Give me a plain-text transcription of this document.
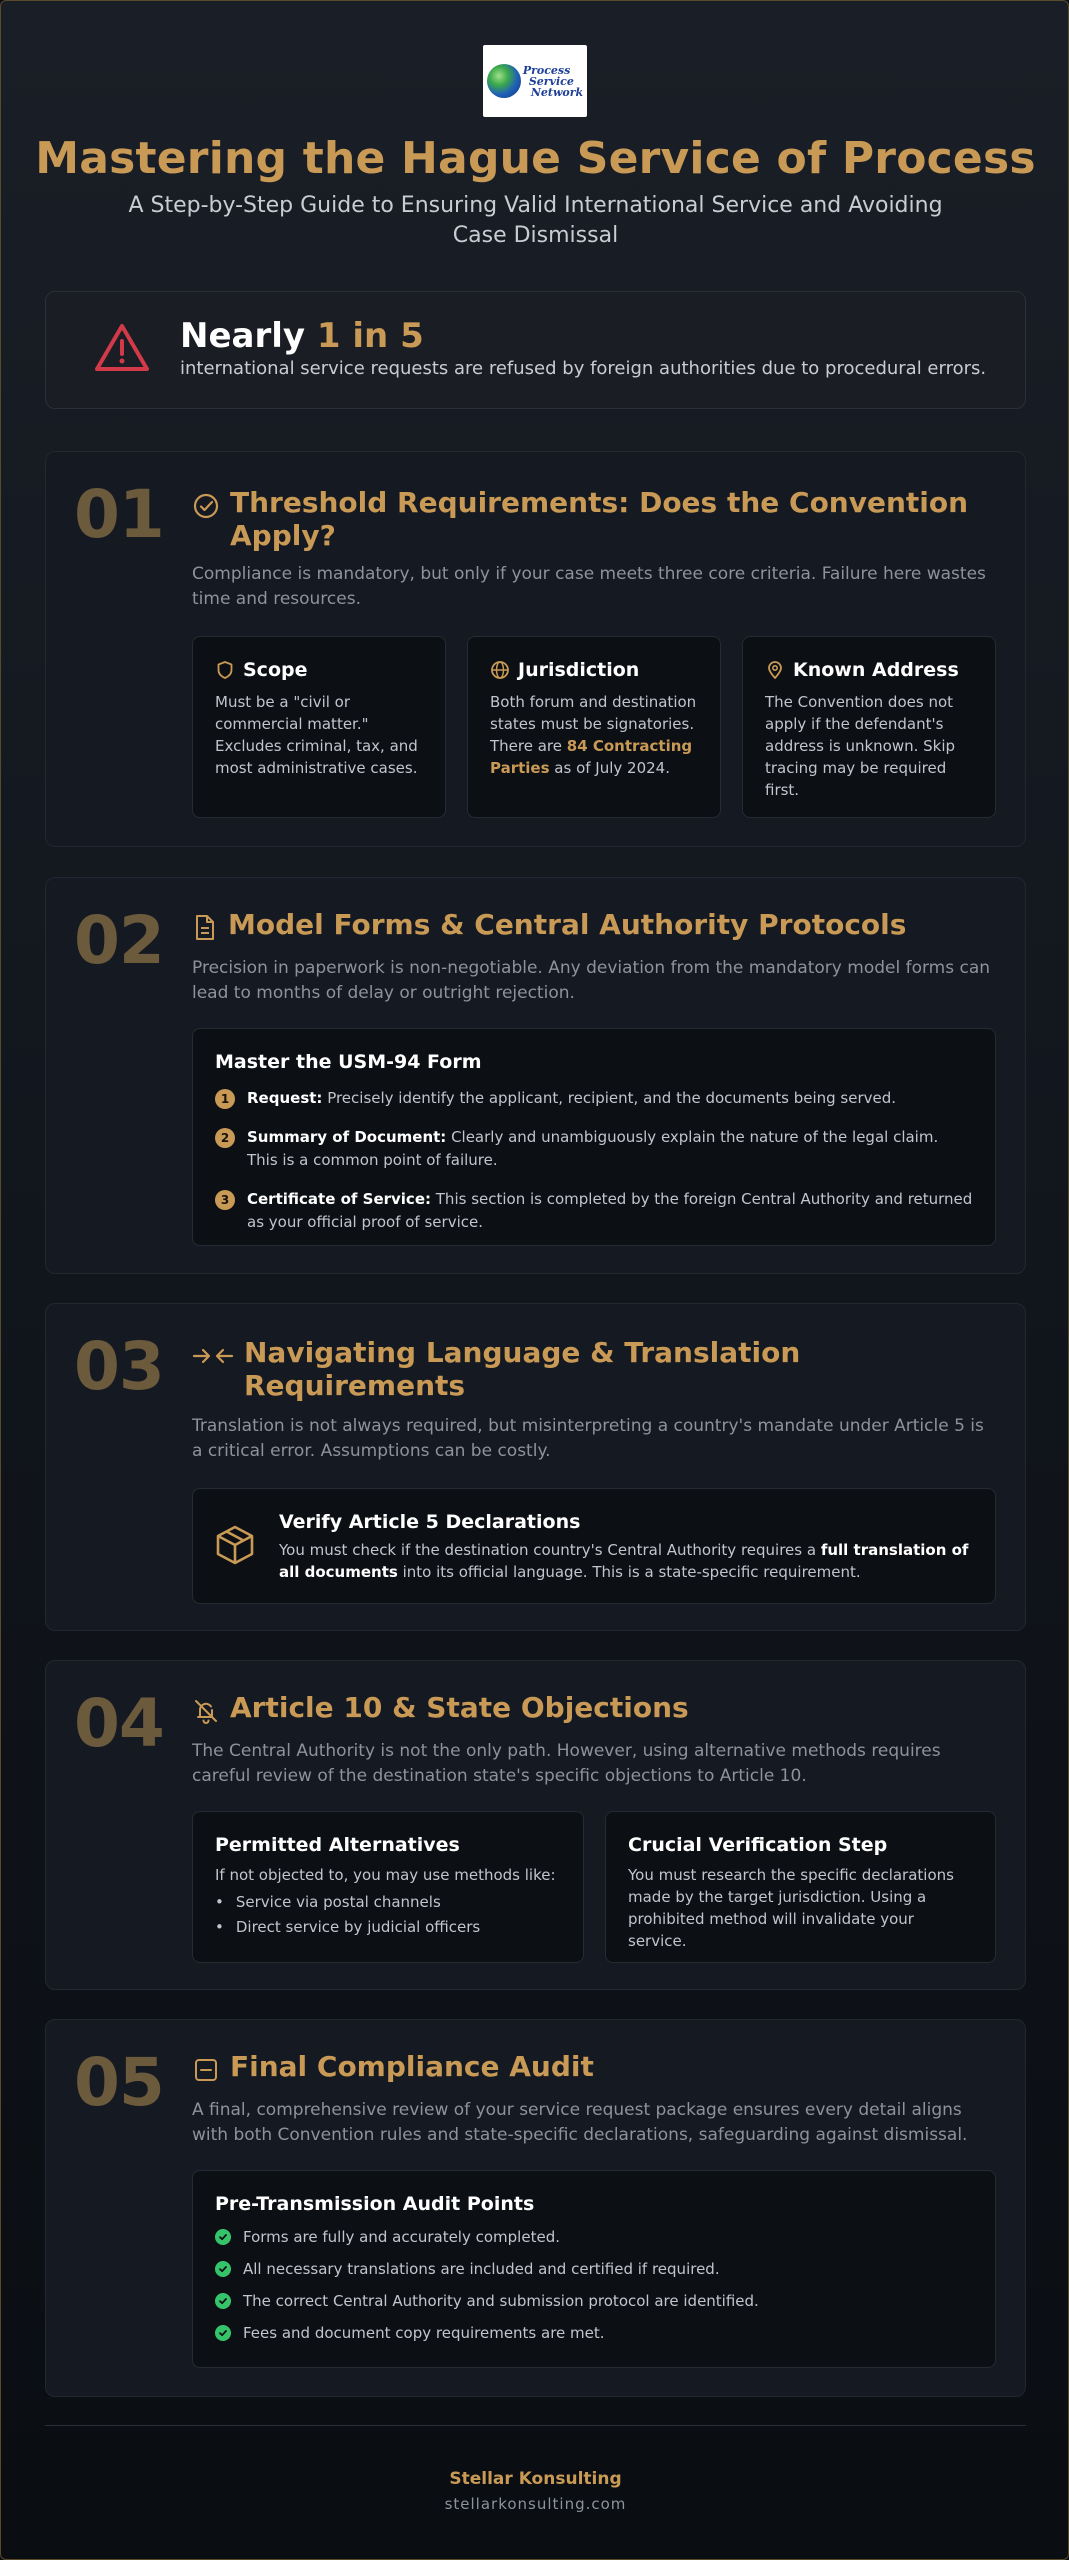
Process
Service
Network
Mastering the Hague Service of Process

A Step-by-Step Guide to Ensuring Valid International Service and Avoiding Case Dismissal

Nearly 1 in 5
international service requests are refused by foreign authorities due to procedural errors.
01 Threshold Requirements: Does the Convention Apply?

Compliance is mandatory, but only if your case meets three core criteria. Failure here wastes time and resources.

Scope

Must be a "civil or commercial matter." Excludes criminal, tax, and most administrative cases.

Jurisdiction

Both forum and destination states must be signatories. There are 84 Contracting Parties as of July 2024.

Known Address

The Convention does not apply if the defendant's address is unknown. Skip tracing may be required first.

02 Model Forms & Central Authority Protocols

Precision in paperwork is non-negotiable. Any deviation from the mandatory model forms can lead to months of delay or outright rejection.

Master the USM-94 Form
1	Request: Precisely identify the applicant, recipient, and the documents being served.
2	Summary of Document: Clearly and unambiguously explain the nature of the legal claim. This is a common point of failure.
3	Certificate of Service: This section is completed by the foreign Central Authority and returned as your official proof of service.
03	Navigating Language & Translation Requirements

Translation is not always required, but misinterpreting a country's mandate under Article 5 is a critical error. Assumptions can be costly.

Verify Article 5 Declarations

You must check if the destination country's Central Authority requires a full translation of all documents into its official language. This is a state-specific requirement.

04 Article 10 & State Objections

The Central Authority is not the only path. However, using alternative methods requires careful review of the destination state's specific objections to Article 10.

Permitted Alternatives

If not objected to, you may use methods like:

• Service via postal channels
• Direct service by judicial officers
Crucial Verification Step

You must research the specific declarations made by the target jurisdiction. Using a prohibited method will invalidate your service.

05 Final Compliance Audit

A final, comprehensive review of your service request package ensures every detail aligns with both Convention rules and state-specific declarations, safeguarding against dismissal.

Pre-Transmission Audit Points
Forms are fully and accurately completed.
All necessary translations are included and certified if required.
The correct Central Authority and submission protocol are identified.
Fees and document copy requirements are met.
Stellar Konsulting
stellarkonsulting.com
